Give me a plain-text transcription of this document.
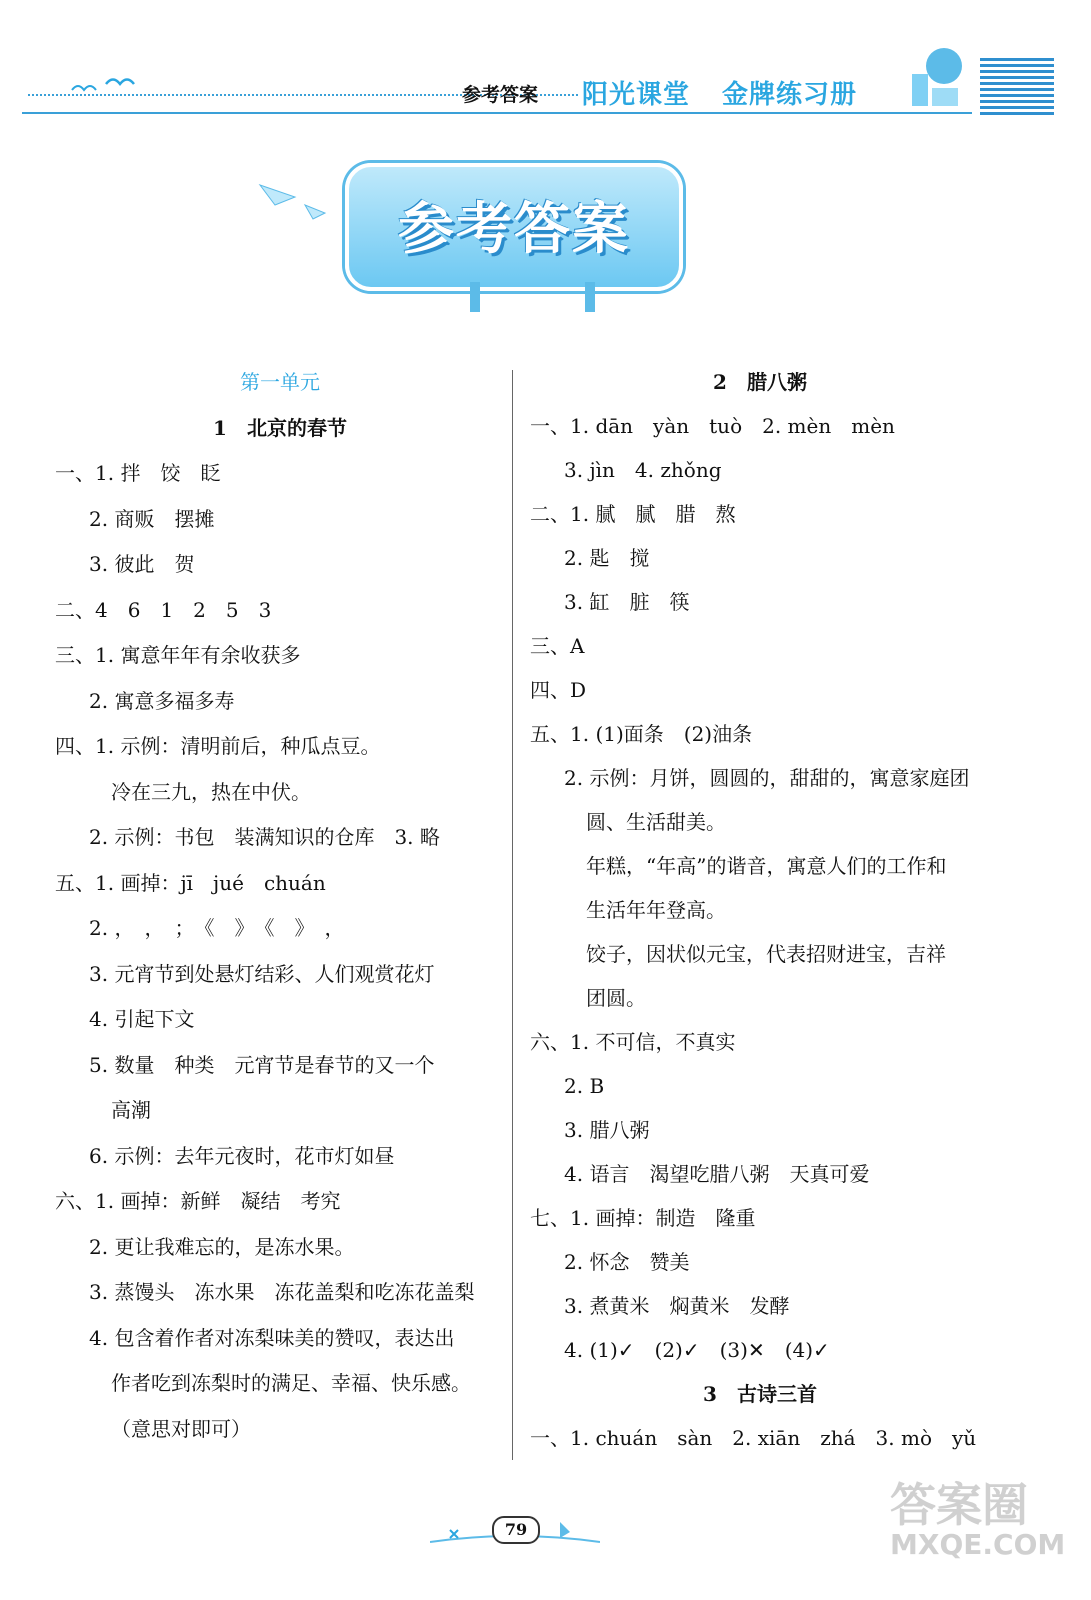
参考答案 阳光课堂 金牌练习册
参考答案
第一单元
1　北京的春节
一、1. 拌　饺　眨
2. 商贩　摆摊
3. 彼此　贺
二、4　6　1　2　5　3
三、1. 寓意年年有余收获多
2. 寓意多福多寿
四、1. 示例：清明前后，种瓜点豆。
冷在三九，热在中伏。
2. 示例：书包　装满知识的仓库　3. 略
五、1. 画掉：jī　jué　chuán
2. ，　，　；　《　》　《　》　，
3. 元宵节到处悬灯结彩、人们观赏花灯
4. 引起下文
5. 数量　种类　元宵节是春节的又一个
高潮
6. 示例：去年元夜时，花市灯如昼
六、1. 画掉：新鲜　凝结　考究
2. 更让我难忘的，是冻水果。
3. 蒸馒头　冻水果　冻花盖梨和吃冻花盖梨
4. 包含着作者对冻梨味美的赞叹，表达出
作者吃到冻梨时的满足、幸福、快乐感。
（意思对即可）
2　腊八粥
一、1. dān　yàn　tuò　2. mèn　mèn
3. jìn　4. zhǒng
二、1. 腻　腻　腊　熬
2. 匙　搅
3. 缸　脏　筷
三、A
四、D
五、1. (1)面条　(2)油条
2. 示例：月饼，圆圆的，甜甜的，寓意家庭团
圆、生活甜美。
年糕，“年高”的谐音，寓意人们的工作和
生活年年登高。
饺子，因状似元宝，代表招财进宝，吉祥
团圆。
六、1. 不可信，不真实
2. B
3. 腊八粥
4. 语言　渴望吃腊八粥　天真可爱
七、1. 画掉：制造　隆重
2. 怀念　赞美
3. 煮黄米　焖黄米　发酵
4. (1)✓　(2)✓　(3)✕　(4)✓
3　古诗三首
一、1. chuán　sàn　2. xiān　zhá　3. mò　yǔ
79	答案圈
MXQE.COM
